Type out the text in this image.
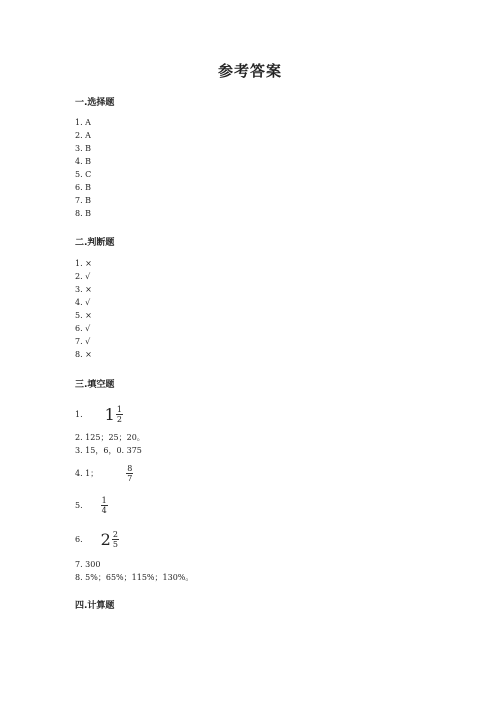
参考答案
一.选择题
1. A
2. A
3. B
4. B
5. C
6. B
7. B
8. B
二.判断题
1. ×
2. √
3. ×
4. √
5. ×
6. √
7. √
8. ×
三.填空题
1. $1 \frac{1}{2}$
2. 125；25；20。
3. 15，6，0. 375
4. 1；	$\frac{8}{7}$
5. $\frac{1}{4}$
6. $2 \frac{2}{5}$
7. 300
8. 5%；65%；115%；130%。
四.计算题
